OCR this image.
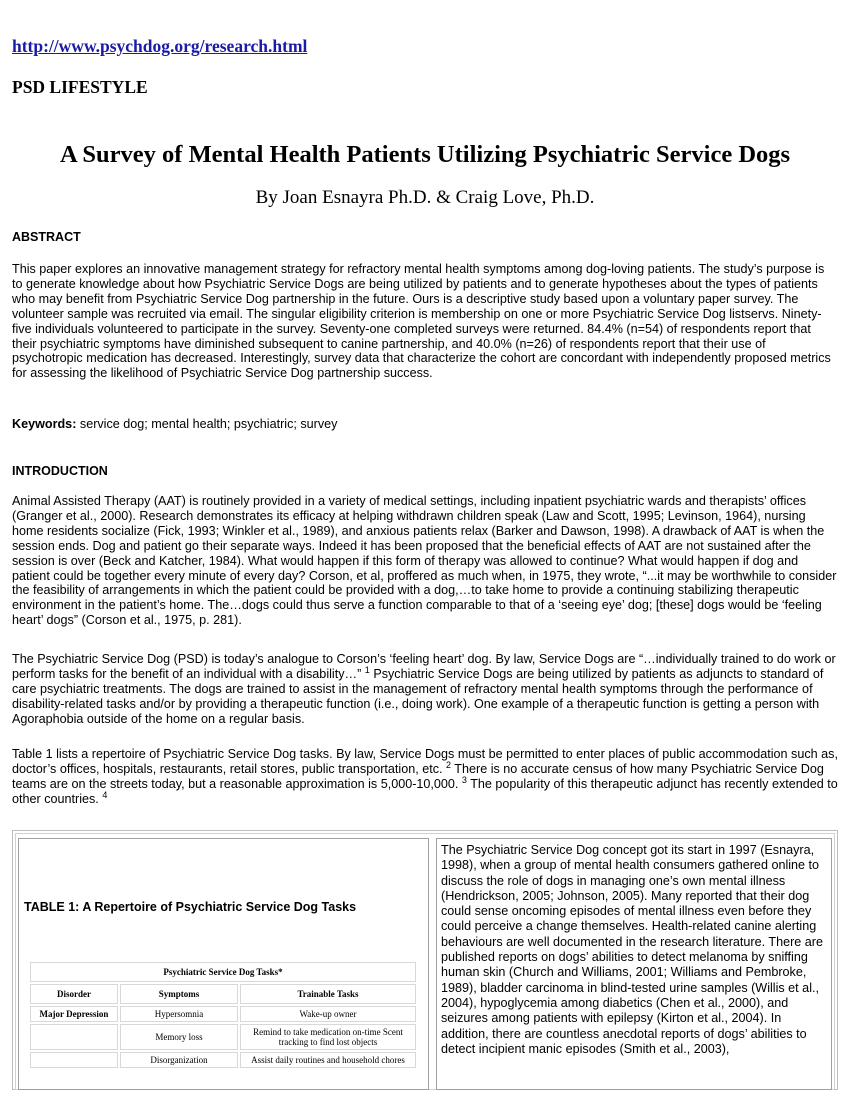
http://www.psychdog.org/research.html
PSD LIFESTYLE
A Survey of Mental Health Patients Utilizing Psychiatric Service Dogs
By Joan Esnayra Ph.D. & Craig Love, Ph.D.
ABSTRACT

This paper explores an innovative management strategy for refractory mental health symptoms among dog-loving patients. The study’s purpose is to generate knowledge about how Psychiatric Service Dogs are being utilized by patients and to generate hypotheses about the types of patients who may benefit from Psychiatric Service Dog partnership in the future. Ours is a descriptive study based upon a voluntary paper survey. The volunteer sample was recruited via email. The singular eligibility criterion is membership on one or more Psychiatric Service Dog listservs. Ninety-five individuals volunteered to participate in the survey. Seventy-one completed surveys were returned. 84.4% (n=54) of respondents report that their psychiatric symptoms have diminished subsequent to canine partnership, and 40.0% (n=26) of respondents report that their use of psychotropic medication has decreased. Interestingly, survey data that characterize the cohort are concordant with independently proposed metrics for assessing the likelihood of Psychiatric Service Dog partnership success.

Keywords: service dog; mental health; psychiatric; survey
INTRODUCTION

Animal Assisted Therapy (AAT) is routinely provided in a variety of medical settings, including inpatient psychiatric wards and therapists’ offices (Granger et al., 2000). Research demonstrates its efficacy at helping withdrawn children speak (Law and Scott, 1995; Levinson, 1964), nursing home residents socialize (Fick, 1993; Winkler et al., 1989), and anxious patients relax (Barker and Dawson, 1998). A drawback of AAT is when the session ends. Dog and patient go their separate ways. Indeed it has been proposed that the beneficial effects of AAT are not sustained after the session is over (Beck and Katcher, 1984). What would happen if this form of therapy was allowed to continue? What would happen if dog and patient could be together every minute of every day? Corson, et al, proffered as much when, in 1975, they wrote, “...it may be worthwhile to consider the feasibility of arrangements in which the patient could be provided with a dog,…to take home to provide a continuing stabilizing therapeutic environment in the patient’s home. The…dogs could thus serve a function comparable to that of a ‘seeing eye’ dog; [these] dogs would be ‘feeling heart’ dogs” (Corson et al., 1975, p. 281).

The Psychiatric Service Dog (PSD) is today’s analogue to Corson’s ‘feeling heart’ dog. By law, Service Dogs are “…individually trained to do work or perform tasks for the benefit of an individual with a disability…” $^1$ Psychiatric Service Dogs are being utilized by patients as adjuncts to standard of care psychiatric treatments. The dogs are trained to assist in the management of refractory mental health symptoms through the performance of disability-related tasks and/or by providing a therapeutic function (i.e., doing work). One example of a therapeutic function is getting a person with Agoraphobia outside of the home on a regular basis.

Table 1 lists a repertoire of Psychiatric Service Dog tasks. By law, Service Dogs must be permitted to enter places of public accommodation such as, doctor’s offices, hospitals, restaurants, retail stores, public transportation, etc. $^2$ There is no accurate census of how many Psychiatric Service Dog teams are on the streets today, but a reasonable approximation is 5,000-10,000. $^3$ The popularity of this therapeutic adjunct has recently extended to other countries. $^4$

TABLE 1: A Repertoire of Psychiatric Service Dog Tasks
Psychiatric Service Dog Tasks*		
Disorder	Symptoms	Trainable Tasks
Major Depression	Hypersomnia	Wake-up owner
	Memory loss	Remind to take medication on-time Scent tracking to find lost objects
	Disorganization	Assist daily routines and household chores

The Psychiatric Service Dog concept got its start in 1997 (Esnayra, 1998), when a group of mental health consumers gathered online to discuss the role of dogs in managing one’s own mental illness (Hendrickson, 2005; Johnson, 2005). Many reported that their dog could sense oncoming episodes of mental illness even before they could perceive a change themselves. Health-related canine alerting behaviours are well documented in the research literature. There are published reports on dogs’ abilities to detect melanoma by sniffing human skin (Church and Williams, 2001; Williams and Pembroke, 1989), bladder carcinoma in blind-tested urine samples (Willis et al., 2004), hypoglycemia among diabetics (Chen et al., 2000), and seizures among patients with epilepsy (Kirton et al., 2004). In addition, there are countless anecdotal reports of dogs’ abilities to detect incipient manic episodes (Smith et al., 2003),
